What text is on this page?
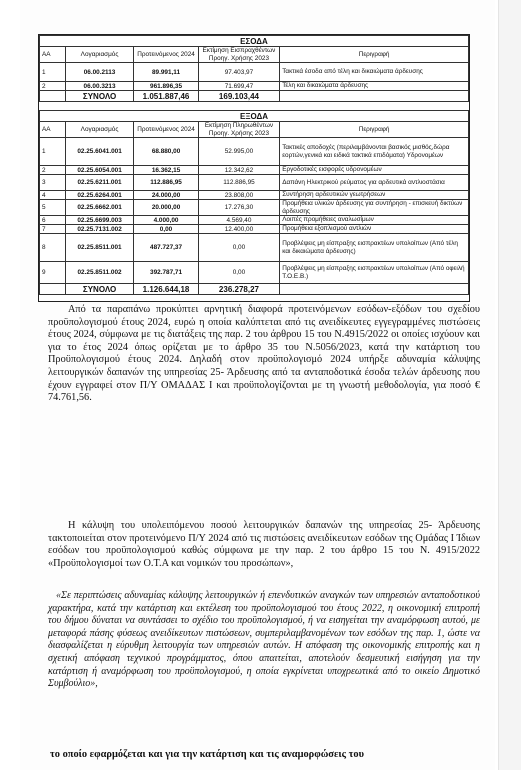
ΕΣΟΔΑ				
ΑΑ	Λογαριασμός	Προτεινόμενος 2024	Εκτίμηση Εισπραχθέντων Προηγ. Χρήσης 2023	Περιγραφή
1	06.00.2113	89.991,11	97.403,97	Τακτικά έσοδα από τέλη και δικαιώματα άρδευσης
2	06.00.3213	961.896,35	71.699,47	Τέλη και δικαιώματα άρδευσης
	ΣΥΝΟΛΟ	1.051.887,46	169.103,44	

ΕΞΟΔΑ				
ΑΑ	Λογαριασμός	Προτεινόμενος 2024	Εκτίμηση Πληρωθέντων Προηγ. Χρήσης 2023	Περιγραφή
1	02.25.6041.001	68.880,00	52.995,00	Τακτικές αποδοχές (περιλαμβάνονται βασικός μισθός,δώρα εορτών,γενικά και ειδικά τακτικά επιδόματα) Υδρονομέων
2	02.25.6054.001	16.362,15	12.342,62	Εργοδοτικές εισφορές υδρονομέων
3	02.25.6211.001	112.886,95	112.886,95	Δαπάνη Ηλεκτρικού ρεύματος για αρδευτικά αντλιοστάσια
4	02.25.6264.001	24.000,00	23.808,00	Συντήρηση αρδευτικών γεωτρήσεων
5	02.25.6662.001	20.000,00	17.276,30	Προμήθεια υλικών άρδευσης για συντήρηση - επισκευή δικτύων άρδευσης
6	02.25.6699.003	4.000,00	4.569,40	Λοιπές προμήθειες αναλωσίμων
7	02.25.7131.002	0,00	12.400,00	Προμήθεια εξοπλισμού αντλιών
8	02.25.8511.001	487.727,37	0,00	Προβλέψεις μη είσπραξης εισπρακτέων υπολοίπων (Από τέλη και δικαιώματα άρδευσης)
9	02.25.8511.002	392.787,71	0,00	Προβλέψεις μη είσπραξης εισπρακτέων υπολοίπων (Από οφειλή Τ.Ο.Ε.Β.)
	ΣΥΝΟΛΟ	1.126.644,18	236.278,27	

Από τα παραπάνω προκύπτει αρνητική διαφορά προτεινόμενων εσόδων-εξόδων του σχεδίου προϋπολογισμού έτους 2024, ευρώ η οποία καλύπτεται από τις ανειδίκευτες εγγεγραμμένες πιστώσεις έτους 2024, σύμφωνα με τις διατάξεις της παρ. 2 του άρθρου 15 του Ν.4915/2022 οι οποίες ισχύουν και για το έτος 2024 όπως ορίζεται με το άρθρο 35 του Ν.5056/2023, κατά την κατάρτιση του Προϋπολογισμού έτους 2024. Δηλαδή στον προϋπολογισμό 2024 υπήρξε αδυναμία κάλυψης λειτουργικών δαπανών της υπηρεσίας 25- Άρδευσης από τα ανταποδοτικά έσοδα τελών άρδευσης που έχουν εγγραφεί στον Π/Υ ΟΜΑΔΑΣ Ι και προϋπολογίζονται με τη γνωστή μεθοδολογία, για ποσό € 74.761,56.

Η κάλυψη του υπολειπόμενου ποσού λειτουργικών δαπανών της υπηρεσίας 25- Άρδευσης τακτοποιείται στον προτεινόμενο Π/Υ 2024 από τις πιστώσεις ανειδίκευτων εσόδων της Ομάδας Ι Ίδιων εσόδων του προϋπολογισμού καθώς σύμφωνα με την παρ. 2 του άρθρο 15 του Ν. 4915/2022 «Προϋπολογισμοί των Ο.Τ.Α και νομικών του προσώπων»,

«Σε περιπτώσεις αδυναμίας κάλυψης λειτουργικών ή επενδυτικών αναγκών των υπηρεσιών ανταποδοτικού χαρακτήρα, κατά την κατάρτιση και εκτέλεση του προϋπολογισμού του έτους 2022, η οικονομική επιτροπή του δήμου δύναται να συντάσσει το σχέδιο του προϋπολογισμού, ή να εισηγείται την αναμόρφωση αυτού, με μεταφορά πάσης φύσεως ανειδίκευτων πιστώσεων, συμπεριλαμβανομένων των εσόδων της παρ. 1, ώστε να διασφαλίζεται η εύρυθμη λειτουργία των υπηρεσιών αυτών. Η απόφαση της οικονομικής επιτροπής και η σχετική απόφαση τεχνικού προγράμματος, όπου απαιτείται, αποτελούν δεσμευτική εισήγηση για την κατάρτιση ή αναμόρφωση του προϋπολογισμού, η οποία εγκρίνεται υποχρεωτικά από το οικείο Δημοτικό Συμβούλιο»,

το οποίο εφαρμόζεται και για την κατάρτιση και τις αναμορφώσεις του
